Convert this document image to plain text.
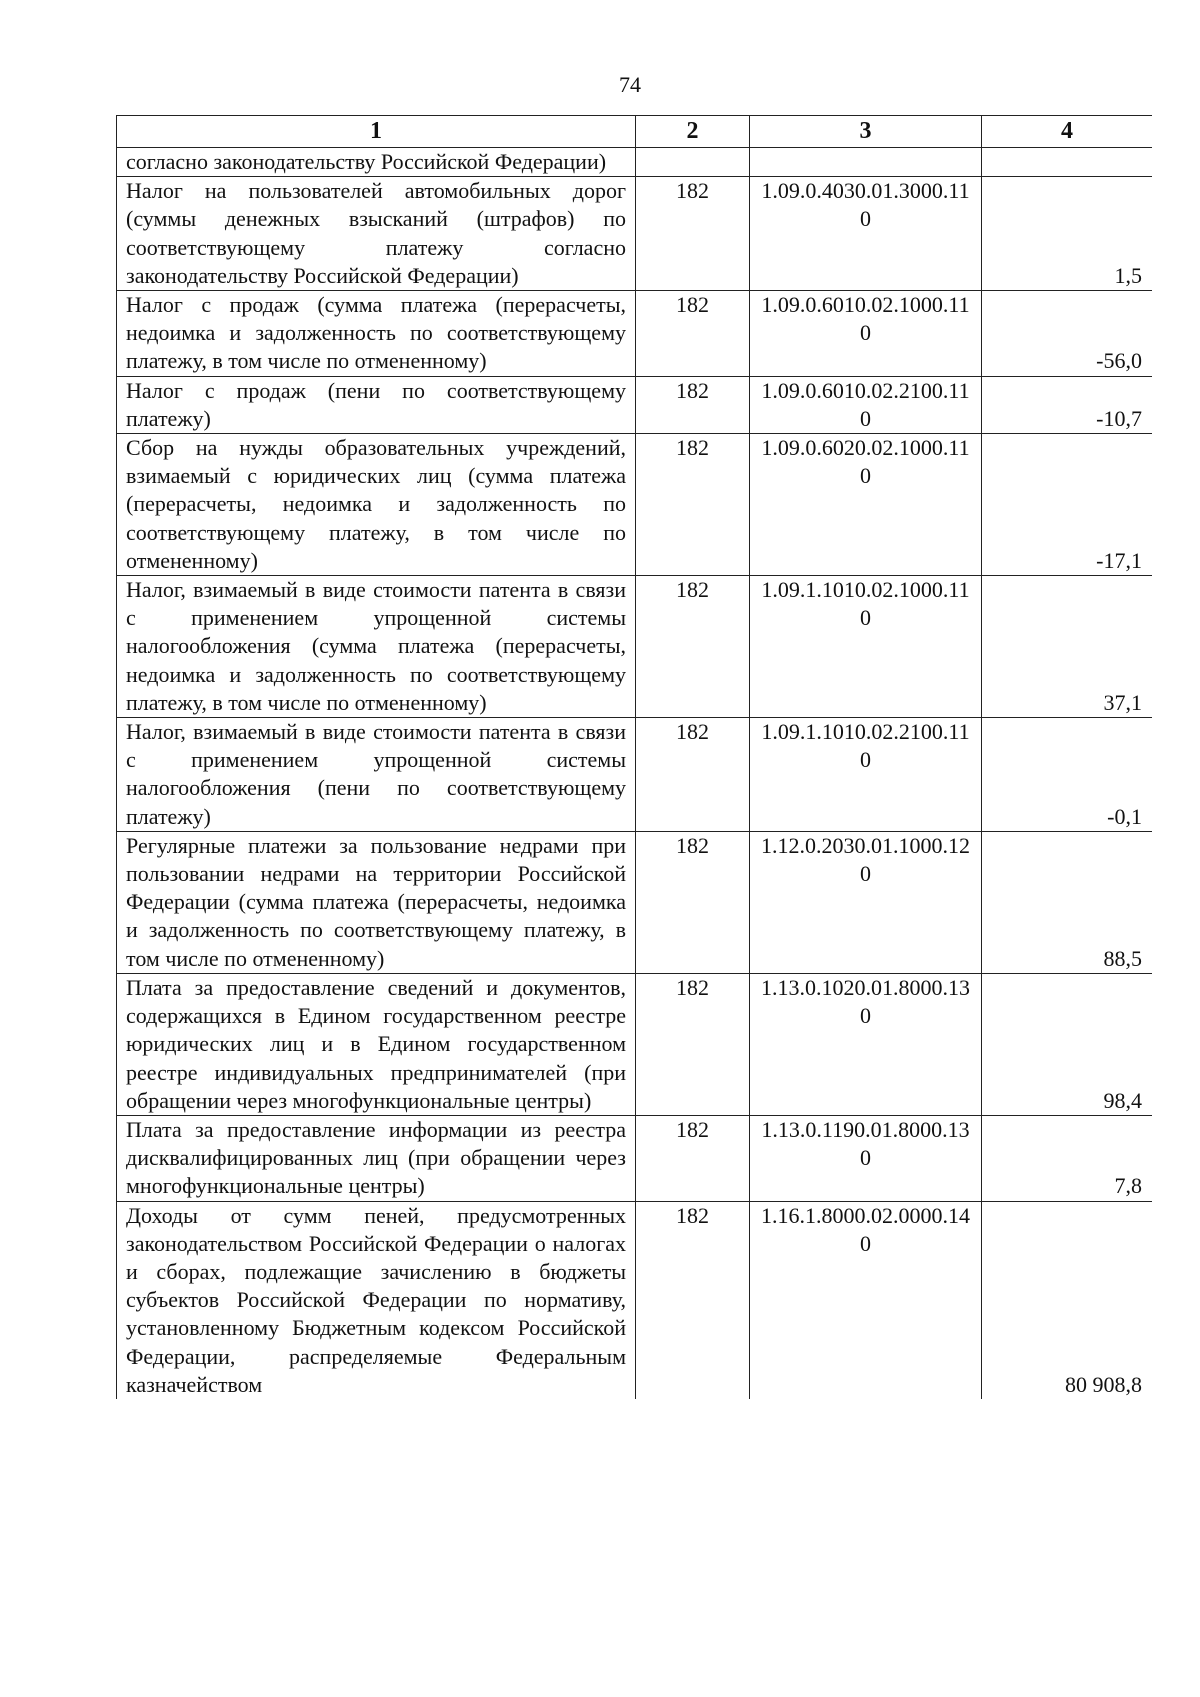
74
1	2	3	4
согласно законодательству Российской Федерации)			
Налог на пользователей автомобильных дорог (суммы денежных взысканий (штрафов) по соответствующему платежу согласно законодательству Российской Федерации)	182	1.09.0.4030.01.3000.110	1,5
Налог с продаж (сумма платежа (перерасчеты, недоимка и задолженность по соответствующему платежу, в том числе по отмененному)	182	1.09.0.6010.02.1000.110	-56,0
Налог с продаж (пени по соответствующему платежу)	182	1.09.0.6010.02.2100.110	-10,7
Сбор на нужды образовательных учреждений, взимаемый с юридических лиц (сумма платежа (перерасчеты, недоимка и задолженность по соответствующему платежу, в том числе по отмененному)	182	1.09.0.6020.02.1000.110	-17,1
Налог, взимаемый в виде стоимости патента в связи с применением упрощенной системы налогообложения (сумма платежа (перерасчеты, недоимка и задолженность по соответствующему платежу, в том числе по отмененному)	182	1.09.1.1010.02.1000.110	37,1
Налог, взимаемый в виде стоимости патента в связи с применением упрощенной системы налогообложения (пени по соответствующему платежу)	182	1.09.1.1010.02.2100.110	-0,1
Регулярные платежи за пользование недрами при пользовании недрами на территории Российской Федерации (сумма платежа (перерасчеты, недоимка и задолженность по соответствующему платежу, в том числе по отмененному)	182	1.12.0.2030.01.1000.120	88,5
Плата за предоставление сведений и документов, содержащихся в Едином государственном реестре юридических лиц и в Едином государственном реестре индивидуальных предпринимателей (при обращении через многофункциональные центры)	182	1.13.0.1020.01.8000.130	98,4
Плата за предоставление информации из реестра дисквалифицированных лиц (при обращении через многофункциональные центры)	182	1.13.0.1190.01.8000.130	7,8
Доходы от сумм пеней, предусмотренных законодательством Российской Федерации о налогах и сборах, подлежащие зачислению в бюджеты субъектов Российской Федерации по нормативу, установленному Бюджетным кодексом Российской Федерации, распределяемые Федеральным казначейством	182	1.16.1.8000.02.0000.140	80 908,8
